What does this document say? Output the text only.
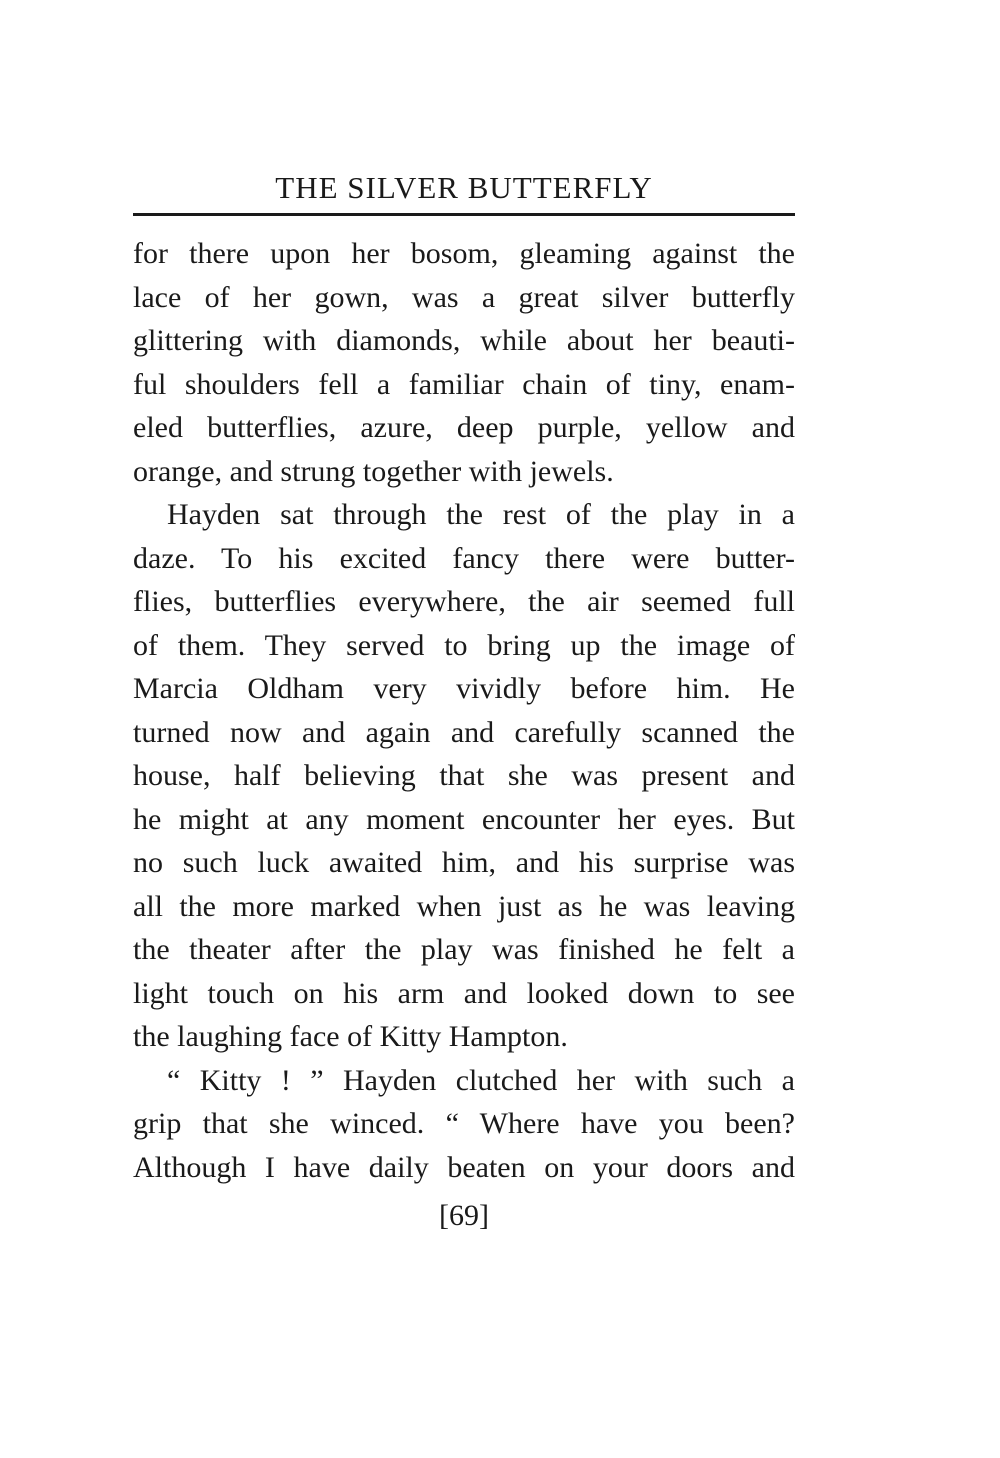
THE SILVER BUTTERFLY
for there upon her bosom, gleaming against the
lace of her gown, was a great silver butterfly
glittering with diamonds, while about her beauti-
ful shoulders fell a familiar chain of tiny, enam-
eled butterflies, azure, deep purple, yellow and
orange, and strung together with jewels.
Hayden sat through the rest of the play in a
daze. To his excited fancy there were butter-
flies, butterflies everywhere, the air seemed full
of them. They served to bring up the image of
Marcia Oldham very vividly before him. He
turned now and again and carefully scanned the
house, half believing that she was present and
he might at any moment encounter her eyes. But
no such luck awaited him, and his surprise was
all the more marked when just as he was leaving
the theater after the play was finished he felt a
light touch on his arm and looked down to see
the laughing face of Kitty Hampton.
“ Kitty ! ” Hayden clutched her with such a
grip that she winced. “ Where have you been?
Although I have daily beaten on your doors and
[69]
